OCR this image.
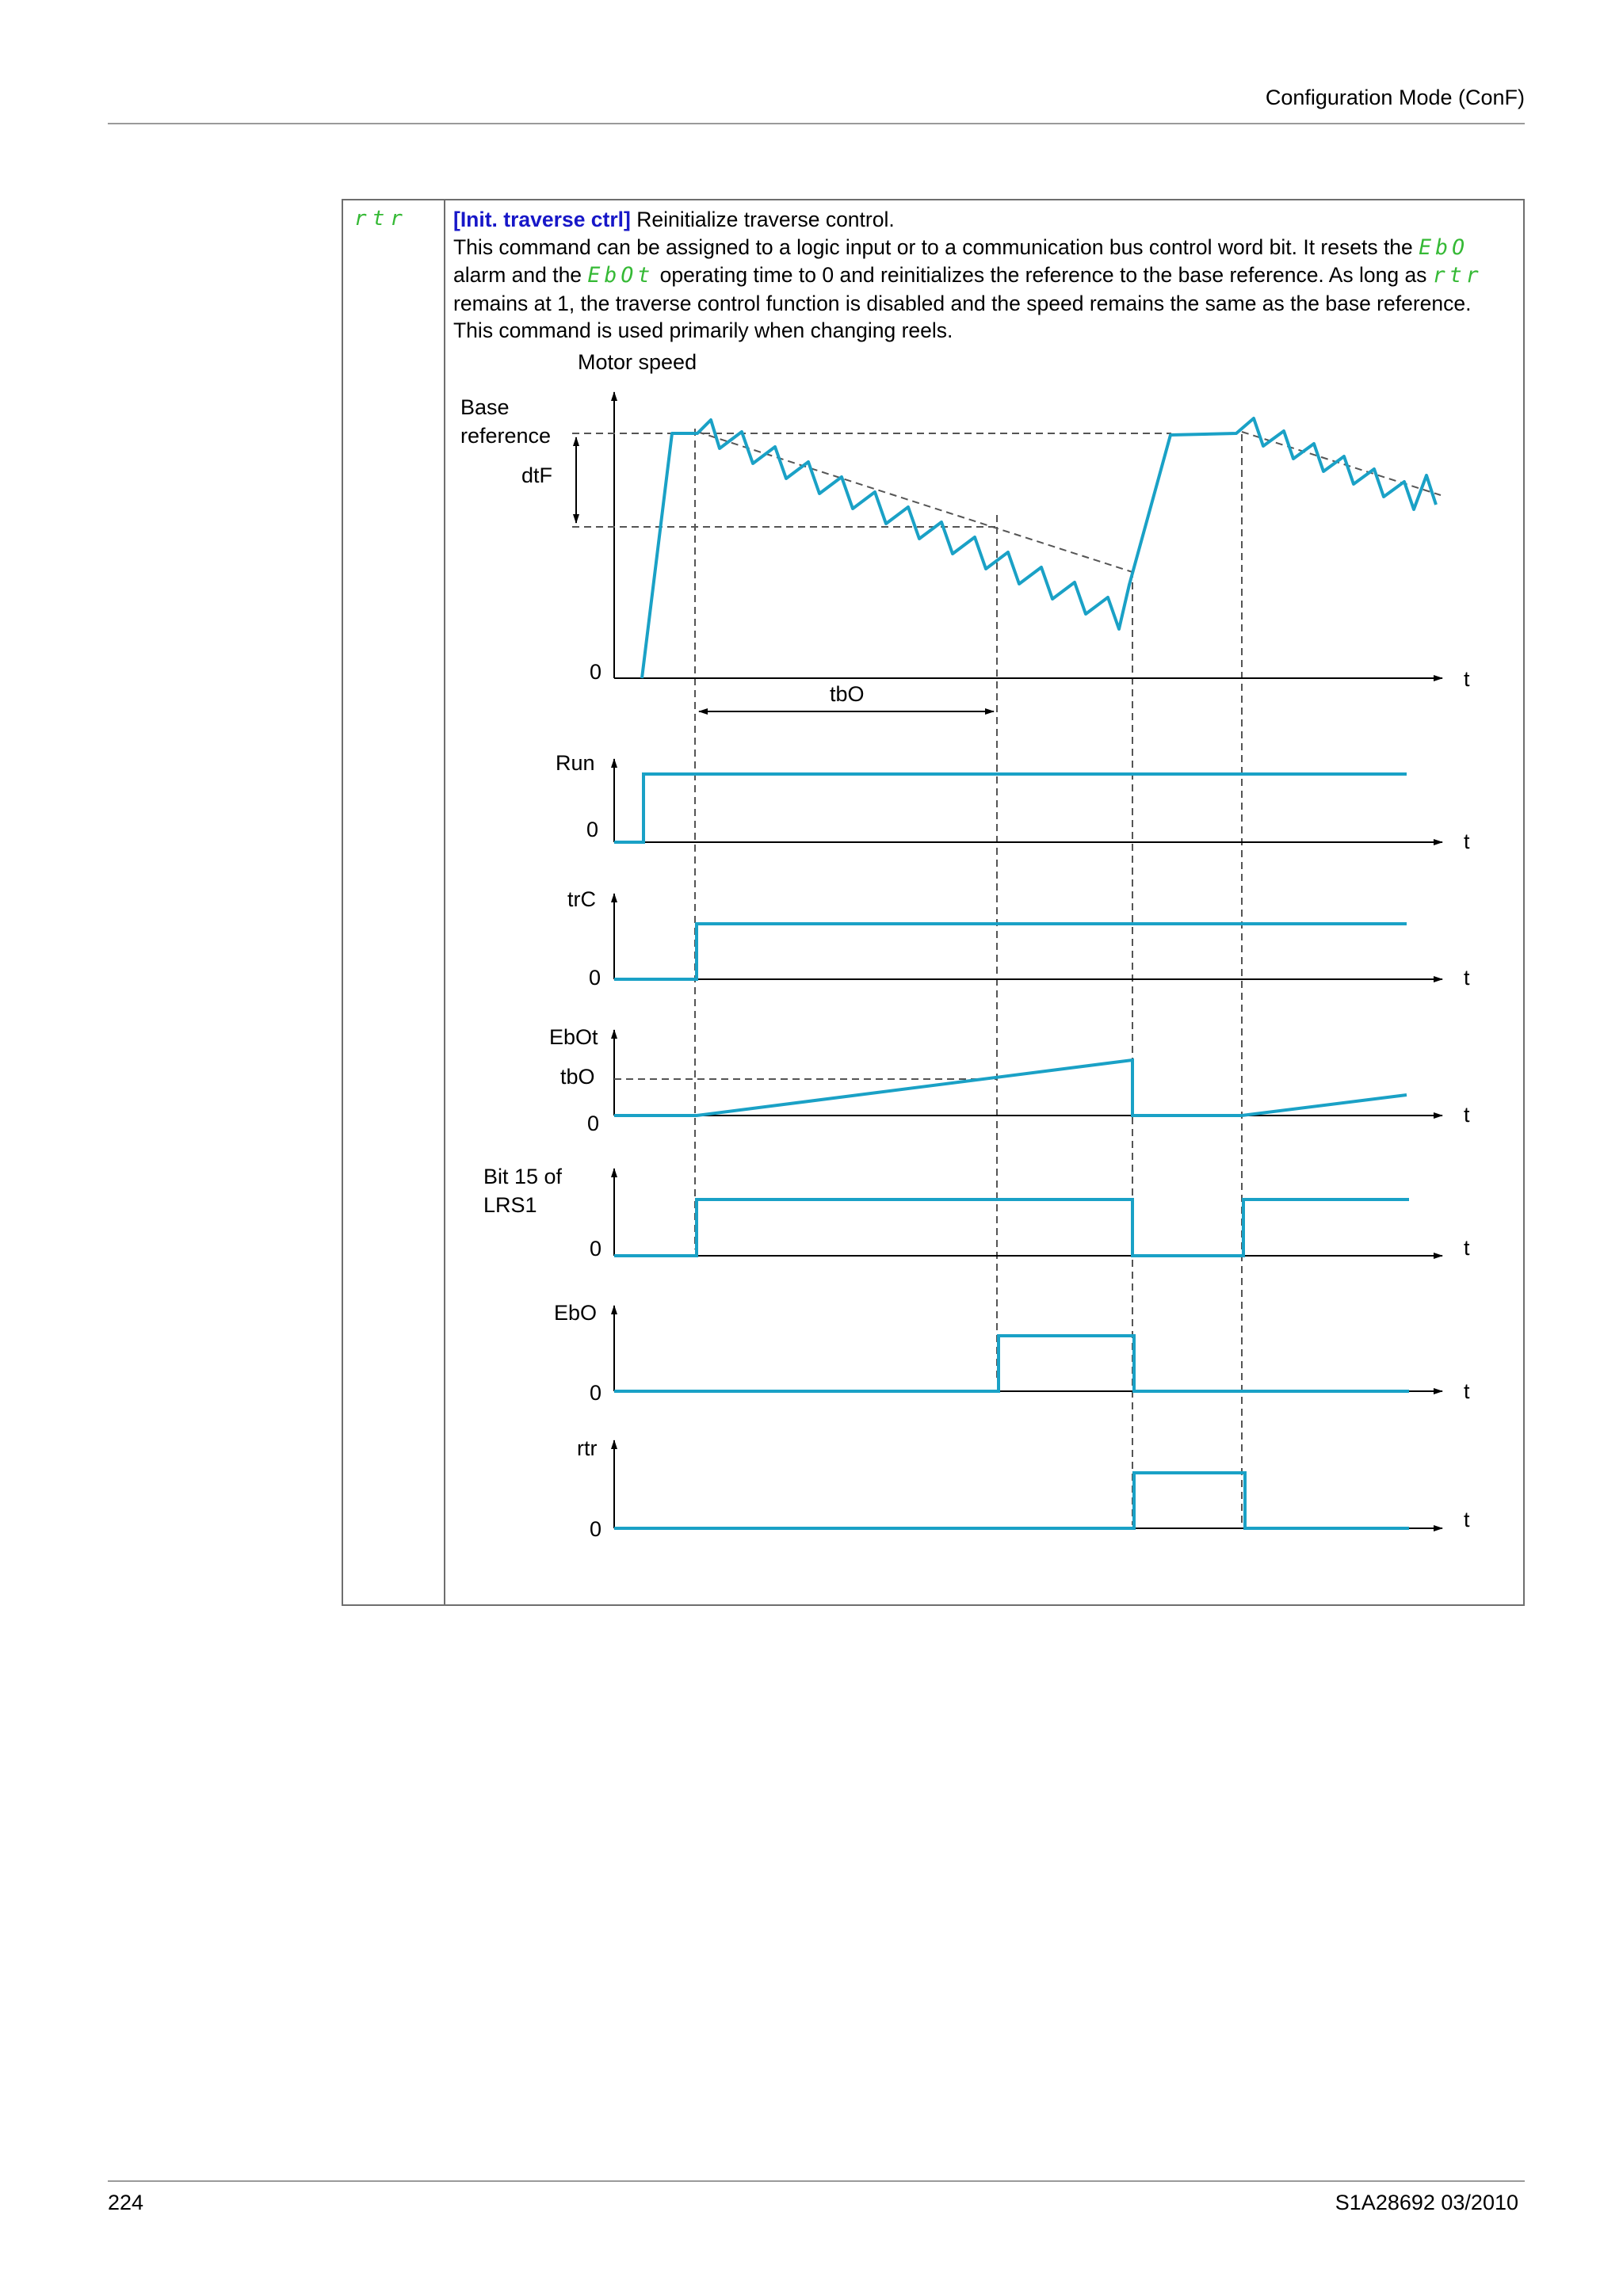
Configuration Mode (ConF)
rtr [Init. traverse ctrl] Reinitialize traverse control.

This command can be assigned to a logic input or to a communication bus control word bit. It resets the EbO alarm and the EbOt operating time to 0 and reinitializes the reference to the base reference. As long as rtr remains at 1, the traverse control function is disabled and the speed remains the same as the base reference.

This command is used primarily when changing reels.

Motor speed
Base
reference
dtF
0	t
tbO
Run
0	t
trC
0	t
EbOt
tbO
0	t
Bit 15 of
LRS1
0	t
EbO
0	t
rtr
0	t
224	S1A28692 03/2010
